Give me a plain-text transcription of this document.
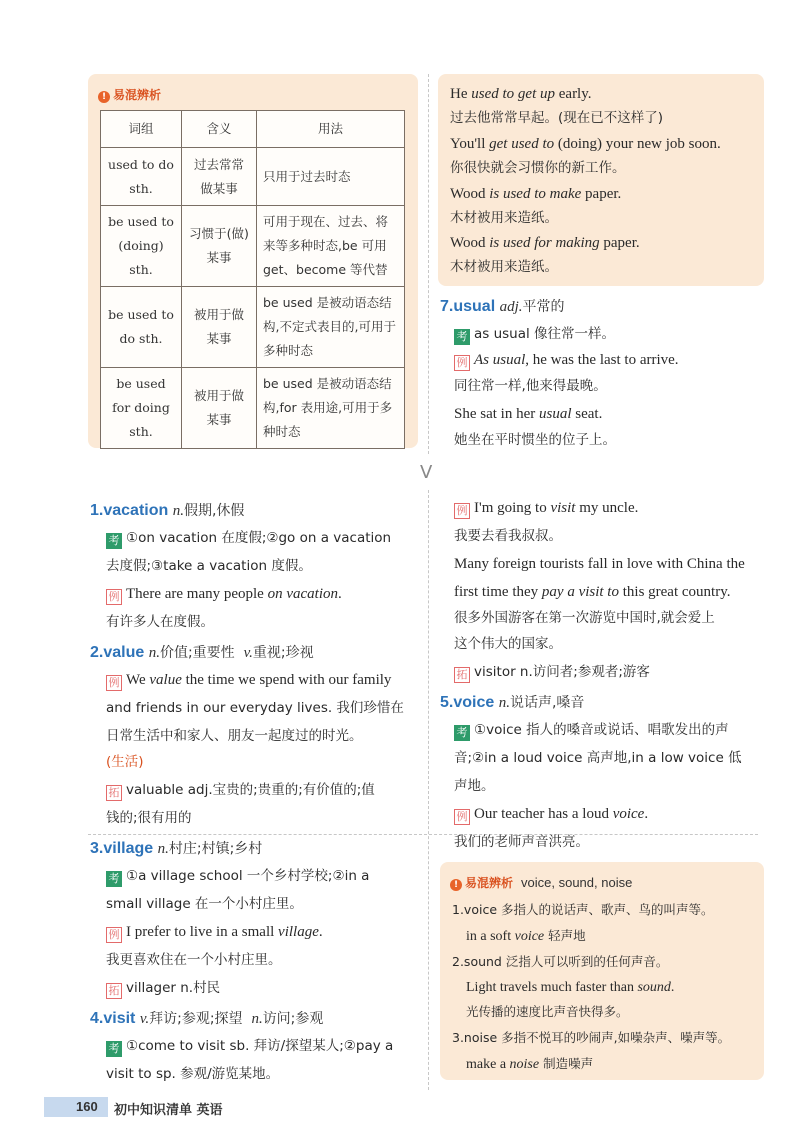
! 易混辨析
词组	含义	用法
used to do sth.	过去常常做某事	只用于过去时态
be used to (doing) sth.	习惯于(做)某事	可用于现在、过去、将来等多种时态,be 可用 get、become 等代替
be used to do sth.	被用于做某事	be used 是被动语态结构,不定式表目的,可用于多种时态
be used for doing sth.	被用于做某事	be used 是被动语态结构,for 表用途,可用于多种时态
He used to get up early.
过去他常常早起。(现在已不这样了)
You'll get used to (doing) your new job soon.
你很快就会习惯你的新工作。
Wood is used to make paper.
木材被用来造纸。
Wood is used for making paper.
木材被用来造纸。
7.usual adj.平常的
考 as usual 像往常一样。
例 As usual, he was the last to arrive.
同往常一样,他来得最晚。
She sat in her usual seat.
她坐在平时惯坐的位子上。
V
1.vacation n.假期,休假
考 ①on vacation 在度假;②go on a vacation
去度假;③take a vacation 度假。
例 There are many people on vacation.
有许多人在度假。
2.value n.价值;重要性 v.重视;珍视
例 We value the time we spend with our family
and friends in our everyday lives. 我们珍惜在
日常生活中和家人、朋友一起度过的时光。
(生活)
拓 valuable adj.宝贵的;贵重的;有价值的;值
钱的;很有用的
3.village n.村庄;村镇;乡村
考 ①a village school 一个乡村学校;②in a
small village 在一个小村庄里。
例 I prefer to live in a small village.
我更喜欢住在一个小村庄里。
拓 villager n.村民
4.visit v.拜访;参观;探望 n.访问;参观
考 ①come to visit sb. 拜访/探望某人;②pay a
visit to sp. 参观/游览某地。
例 I'm going to visit my uncle.
我要去看我叔叔。
Many foreign tourists fall in love with China the
first time they pay a visit to this great country.
很多外国游客在第一次游览中国时,就会爱上
这个伟大的国家。
拓 visitor n.访问者;参观者;游客
5.voice n.说话声,嗓音
考 ①voice 指人的嗓音或说话、唱歌发出的声
音;②in a loud voice 高声地,in a low voice 低
声地。
例 Our teacher has a loud voice.
我们的老师声音洪亮。
! 易混辨析 voice, sound, noise
1.voice 多指人的说话声、歌声、鸟的叫声等。
in a soft voice 轻声地
2.sound 泛指人可以听到的任何声音。
Light travels much faster than sound.
光传播的速度比声音快得多。
3.noise 多指不悦耳的吵闹声,如噪杂声、噪声等。
make a noise 制造噪声
160 初中知识清单 英语
